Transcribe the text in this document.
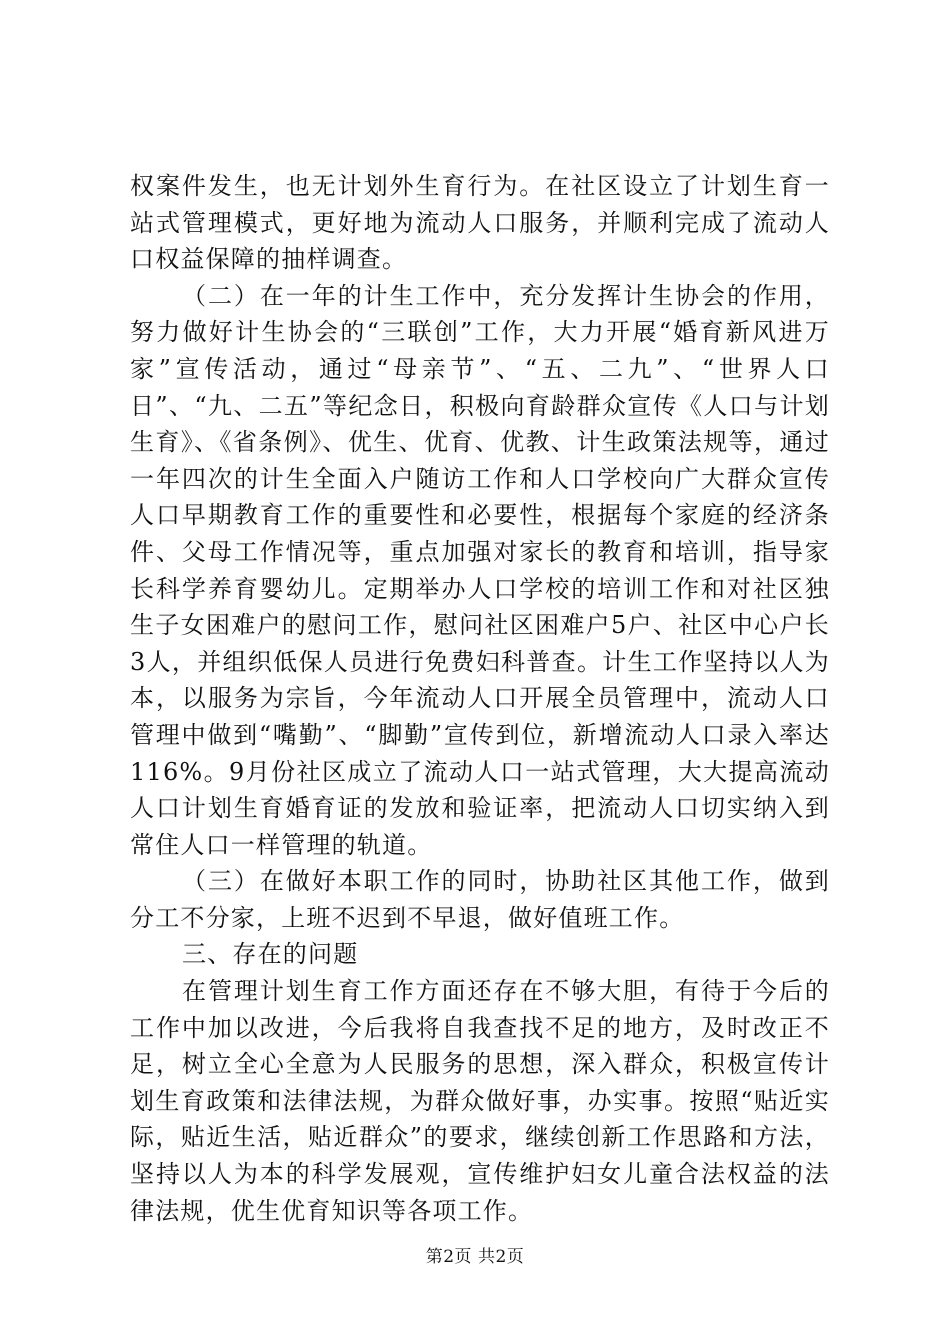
权案件发生，也无计划外生育行为。在社区设立了计划生育一站式管理模式，更好地为流动人口服务，并顺利完成了流动人口权益保障的抽样调查。

（二）在一年的计生工作中，充分发挥计生协会的作用，努力做好计生协会的“三联创”工作，大力开展“婚育新风进万家”宣传活动，通过“母亲节”、“五、二九”、“世界人口日”、“九、二五”等纪念日，积极向育龄群众宣传《人口与计划生育》、《省条例》、优生、优育、优教、计生政策法规等，通过一年四次的计生全面入户随访工作和人口学校向广大群众宣传人口早期教育工作的重要性和必要性，根据每个家庭的经济条件、父母工作情况等，重点加强对家长的教育和培训，指导家长科学养育婴幼儿。定期举办人口学校的培训工作和对社区独生子女困难户的慰问工作，慰问社区困难户5户、社区中心户长3人，并组织低保人员进行免费妇科普查。计生工作坚持以人为本，以服务为宗旨，今年流动人口开展全员管理中，流动人口管理中做到“嘴勤”、“脚勤”宣传到位，新增流动人口录入率达116%。9月份社区成立了流动人口一站式管理，大大提高流动人口计划生育婚育证的发放和验证率，把流动人口切实纳入到常住人口一样管理的轨道。

（三）在做好本职工作的同时，协助社区其他工作，做到分工不分家，上班不迟到不早退，做好值班工作。

三、存在的问题

在管理计划生育工作方面还存在不够大胆，有待于今后的工作中加以改进，今后我将自我查找不足的地方，及时改正不足，树立全心全意为人民服务的思想，深入群众，积极宣传计划生育政策和法律法规，为群众做好事，办实事。按照“贴近实际，贴近生活，贴近群众”的要求，继续创新工作思路和方法，坚持以人为本的科学发展观，宣传维护妇女儿童合法权益的法律法规，优生优育知识等各项工作。

第2页 共2页
